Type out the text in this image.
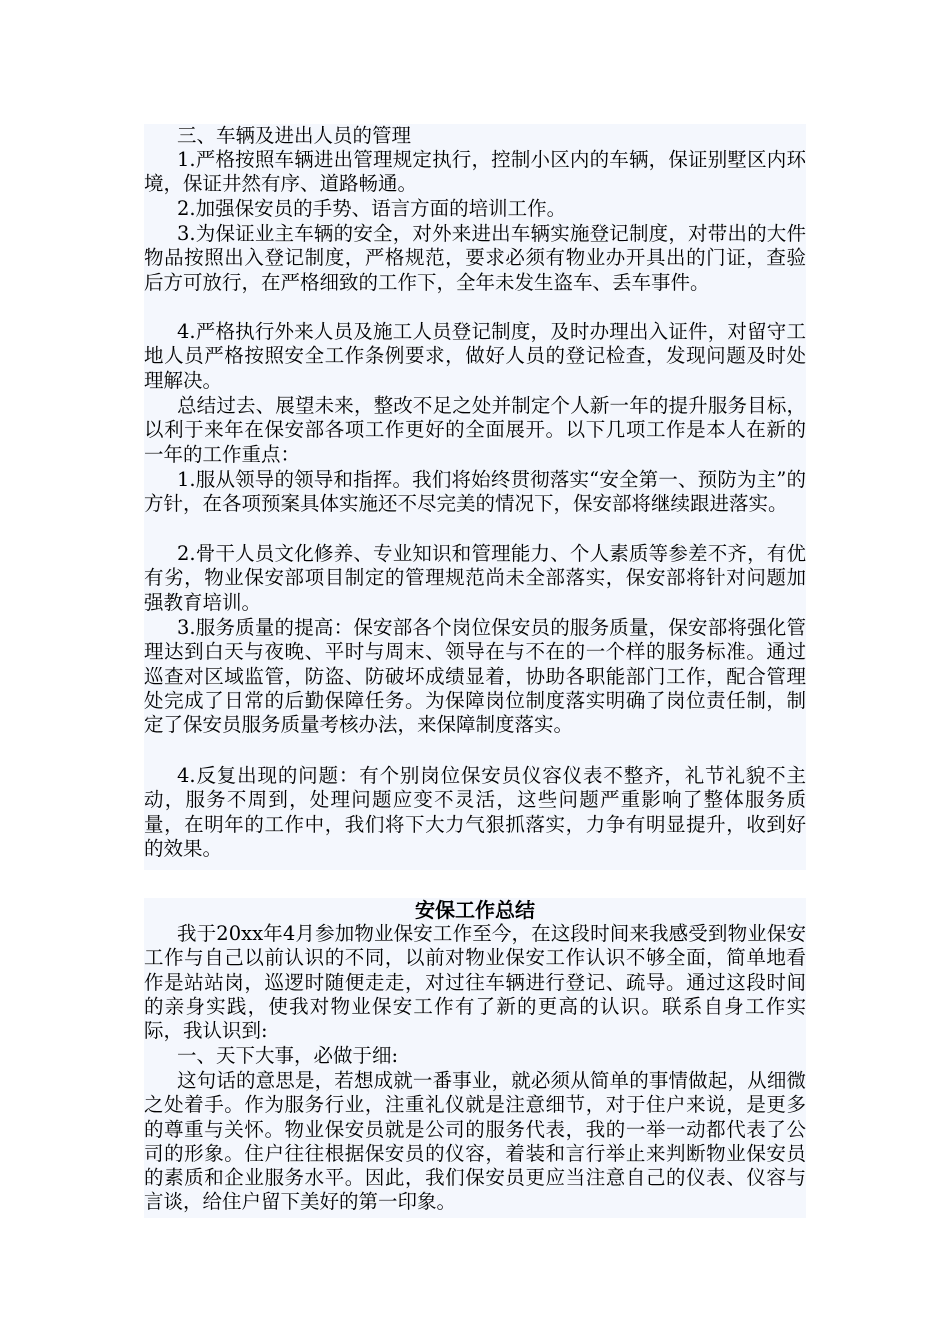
三、车辆及进出人员的管理

1.严格按照车辆进出管理规定执行，控制小区内的车辆，保证别墅区内环境，保证井然有序、道路畅通。

2.加强保安员的手势、语言方面的培训工作。

3.为保证业主车辆的安全，对外来进出车辆实施登记制度，对带出的大件物品按照出入登记制度，严格规范，要求必须有物业办开具出的门证，查验后方可放行，在严格细致的工作下，全年未发生盗车、丢车事件。

4.严格执行外来人员及施工人员登记制度，及时办理出入证件，对留守工地人员严格按照安全工作条例要求，做好人员的登记检查，发现问题及时处理解决。

总结过去、展望未来，整改不足之处并制定个人新一年的提升服务目标，以利于来年在保安部各项工作更好的全面展开。以下几项工作是本人在新的一年的工作重点：

1.服从领导的领导和指挥。我们将始终贯彻落实“安全第一、预防为主”的方针，在各项预案具体实施还不尽完美的情况下，保安部将继续跟进落实。

2.骨干人员文化修养、专业知识和管理能力、个人素质等参差不齐，有优有劣，物业保安部项目制定的管理规范尚未全部落实，保安部将针对问题加强教育培训。

3.服务质量的提高：保安部各个岗位保安员的服务质量，保安部将强化管理达到白天与夜晚、平时与周末、领导在与不在的一个样的服务标准。通过巡查对区域监管，防盗、防破坏成绩显着，协助各职能部门工作，配合管理处完成了日常的后勤保障任务。为保障岗位制度落实明确了岗位责任制，制定了保安员服务质量考核办法，来保障制度落实。

4.反复出现的问题：有个别岗位保安员仪容仪表不整齐，礼节礼貌不主动，服务不周到，处理问题应变不灵活，这些问题严重影响了整体服务质量，在明年的工作中，我们将下大力气狠抓落实，力争有明显提升，收到好的效果。

安保工作总结

我于20xx年4月参加物业保安工作至今，在这段时间来我感受到物业保安工作与自己以前认识的不同，以前对物业保安工作认识不够全面，简单地看作是站站岗，巡逻时随便走走，对过往车辆进行登记、疏导。通过这段时间的亲身实践，使我对物业保安工作有了新的更高的认识。联系自身工作实际，我认识到:

一、天下大事，必做于细:

这句话的意思是，若想成就一番事业，就必须从简单的事情做起，从细微之处着手。作为服务行业，注重礼仪就是注意细节，对于住户来说，是更多的尊重与关怀。物业保安员就是公司的服务代表，我的一举一动都代表了公司的形象。住户往往根据保安员的仪容，着装和言行举止来判断物业保安员的素质和企业服务水平。因此，我们保安员更应当注意自己的仪表、仪容与言谈，给住户留下美好的第一印象。
